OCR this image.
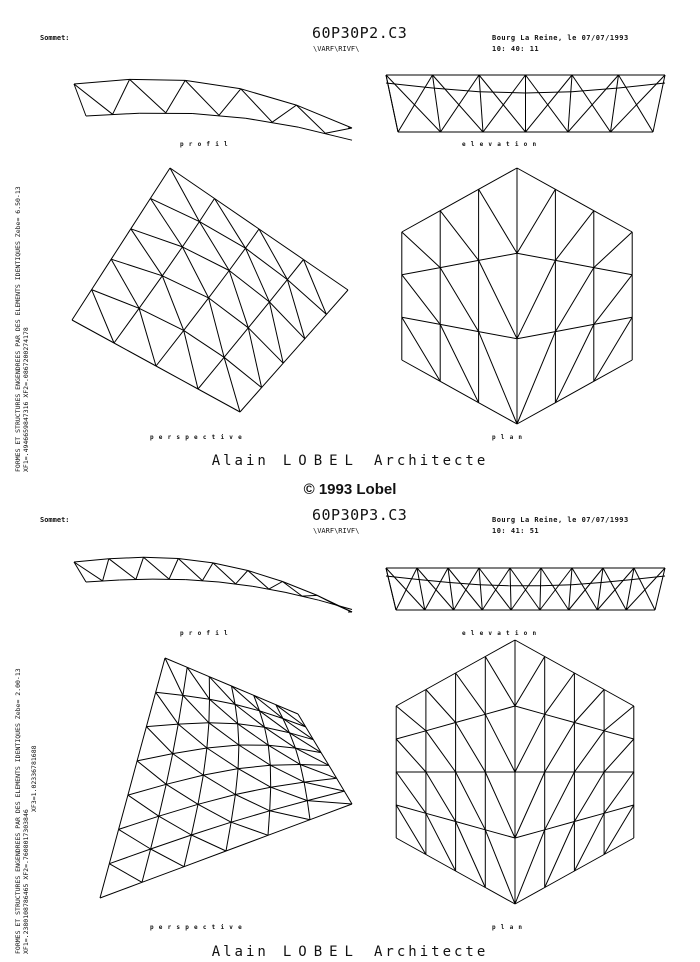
Sommet:	60P30P2.C3
\VARF\RIVF\
Bourg La Reine, le 07/07/1993
10: 40: 11
FORMES ET STRUCTURES ENGENDREES PAR DES ELEMENTS IDENTIQUES Zebe= 6.50-13 XF1=.4946659847316 XF2=.0867200274178
profil	elevation
perspective	plan
Alain LOBEL Architecte
© 1993 Lobel
Sommet:	60P30P3.C3
\VARF\RIVF\
Bourg La Reine, le 07/07/1993
10: 41: 51
FORMES ET STRUCTURES ENGENDREES PAR DES ELEMENTS IDENTIQUES Zebe= 2.00-13 XF1=.2380108786465 XF2=.7608017303846
XF3=1.02336781688
profil	elevation
perspective	plan
Alain LOBEL Architecte
